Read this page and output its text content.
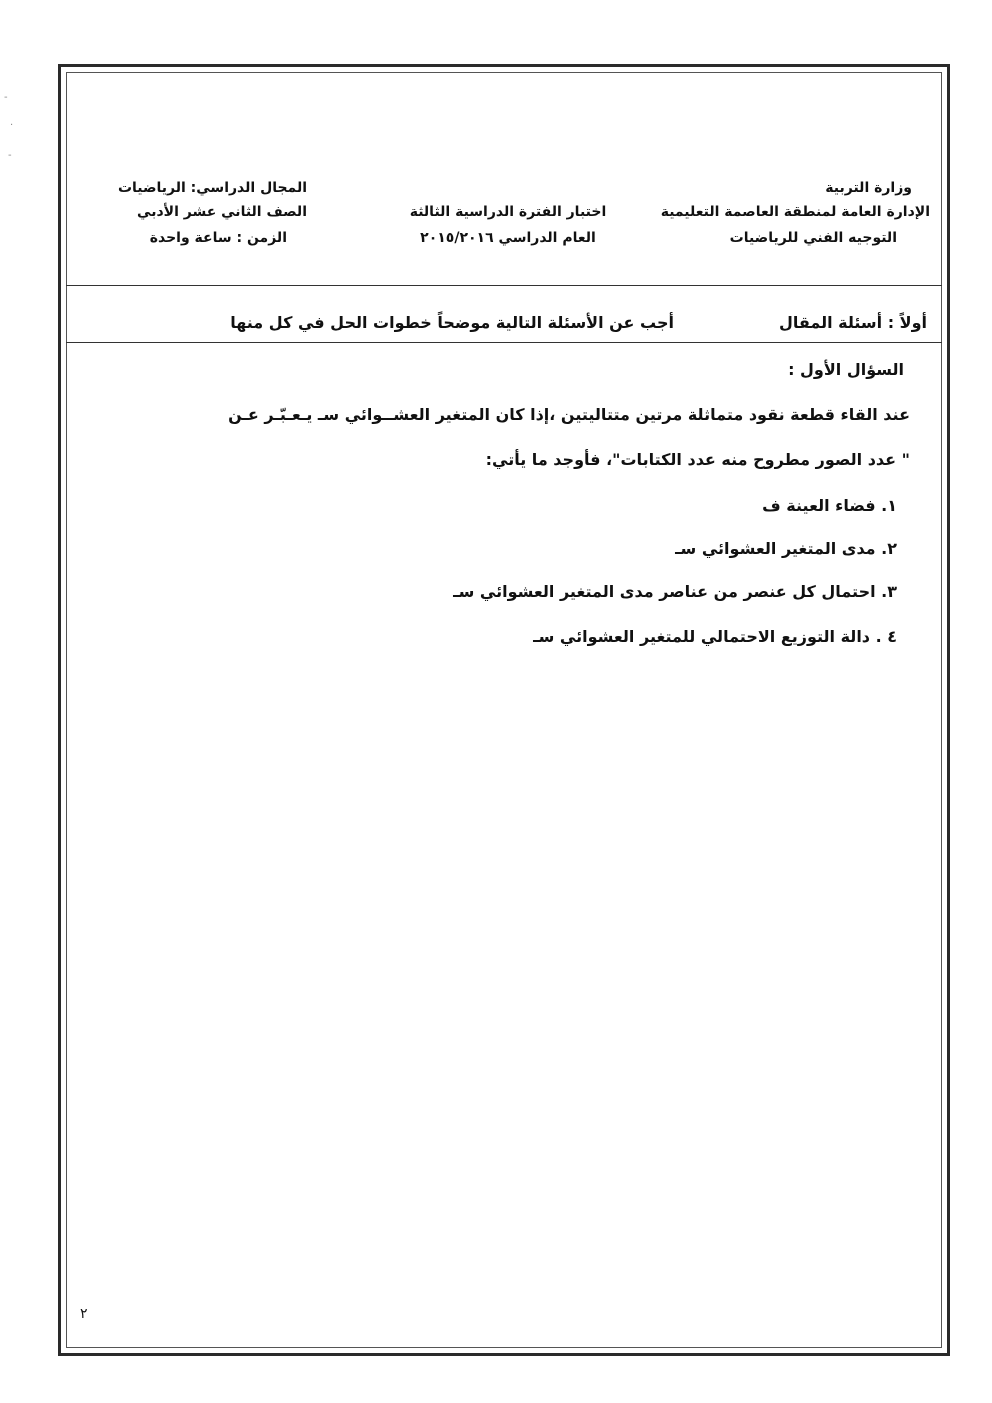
وزارة التربية
الإدارة العامة لمنطقة العاصمة التعليمية
التوجيه الفني للرياضيات
اختبار الفترة الدراسية الثالثة
العام الدراسي ٢٠١٥/٢٠١٦
المجال الدراسي: الرياضيات
الصف الثاني عشر الأدبي
الزمن : ساعة واحدة
أولاً : أسئلة المقال
أجب عن الأسئلة التالية موضحاً خطوات الحل في كل منها
السؤال الأول :
عند القاء قطعة نقود متماثلة مرتين متتاليتين ،إذا كان المتغير العشــوائي سـ يـعـبّـر عـن
" عدد الصور مطروح منه عدد الكتابات"، فأوجد ما يأتي:
١. فضاء العينة ف
٢. مدى المتغير العشوائي سـ
٣. احتمال كل عنصر من عناصر مدى المتغير العشوائي سـ
٤ . دالة التوزيع الاحتمالي للمتغير العشوائي سـ
٢
‑
·
‑
